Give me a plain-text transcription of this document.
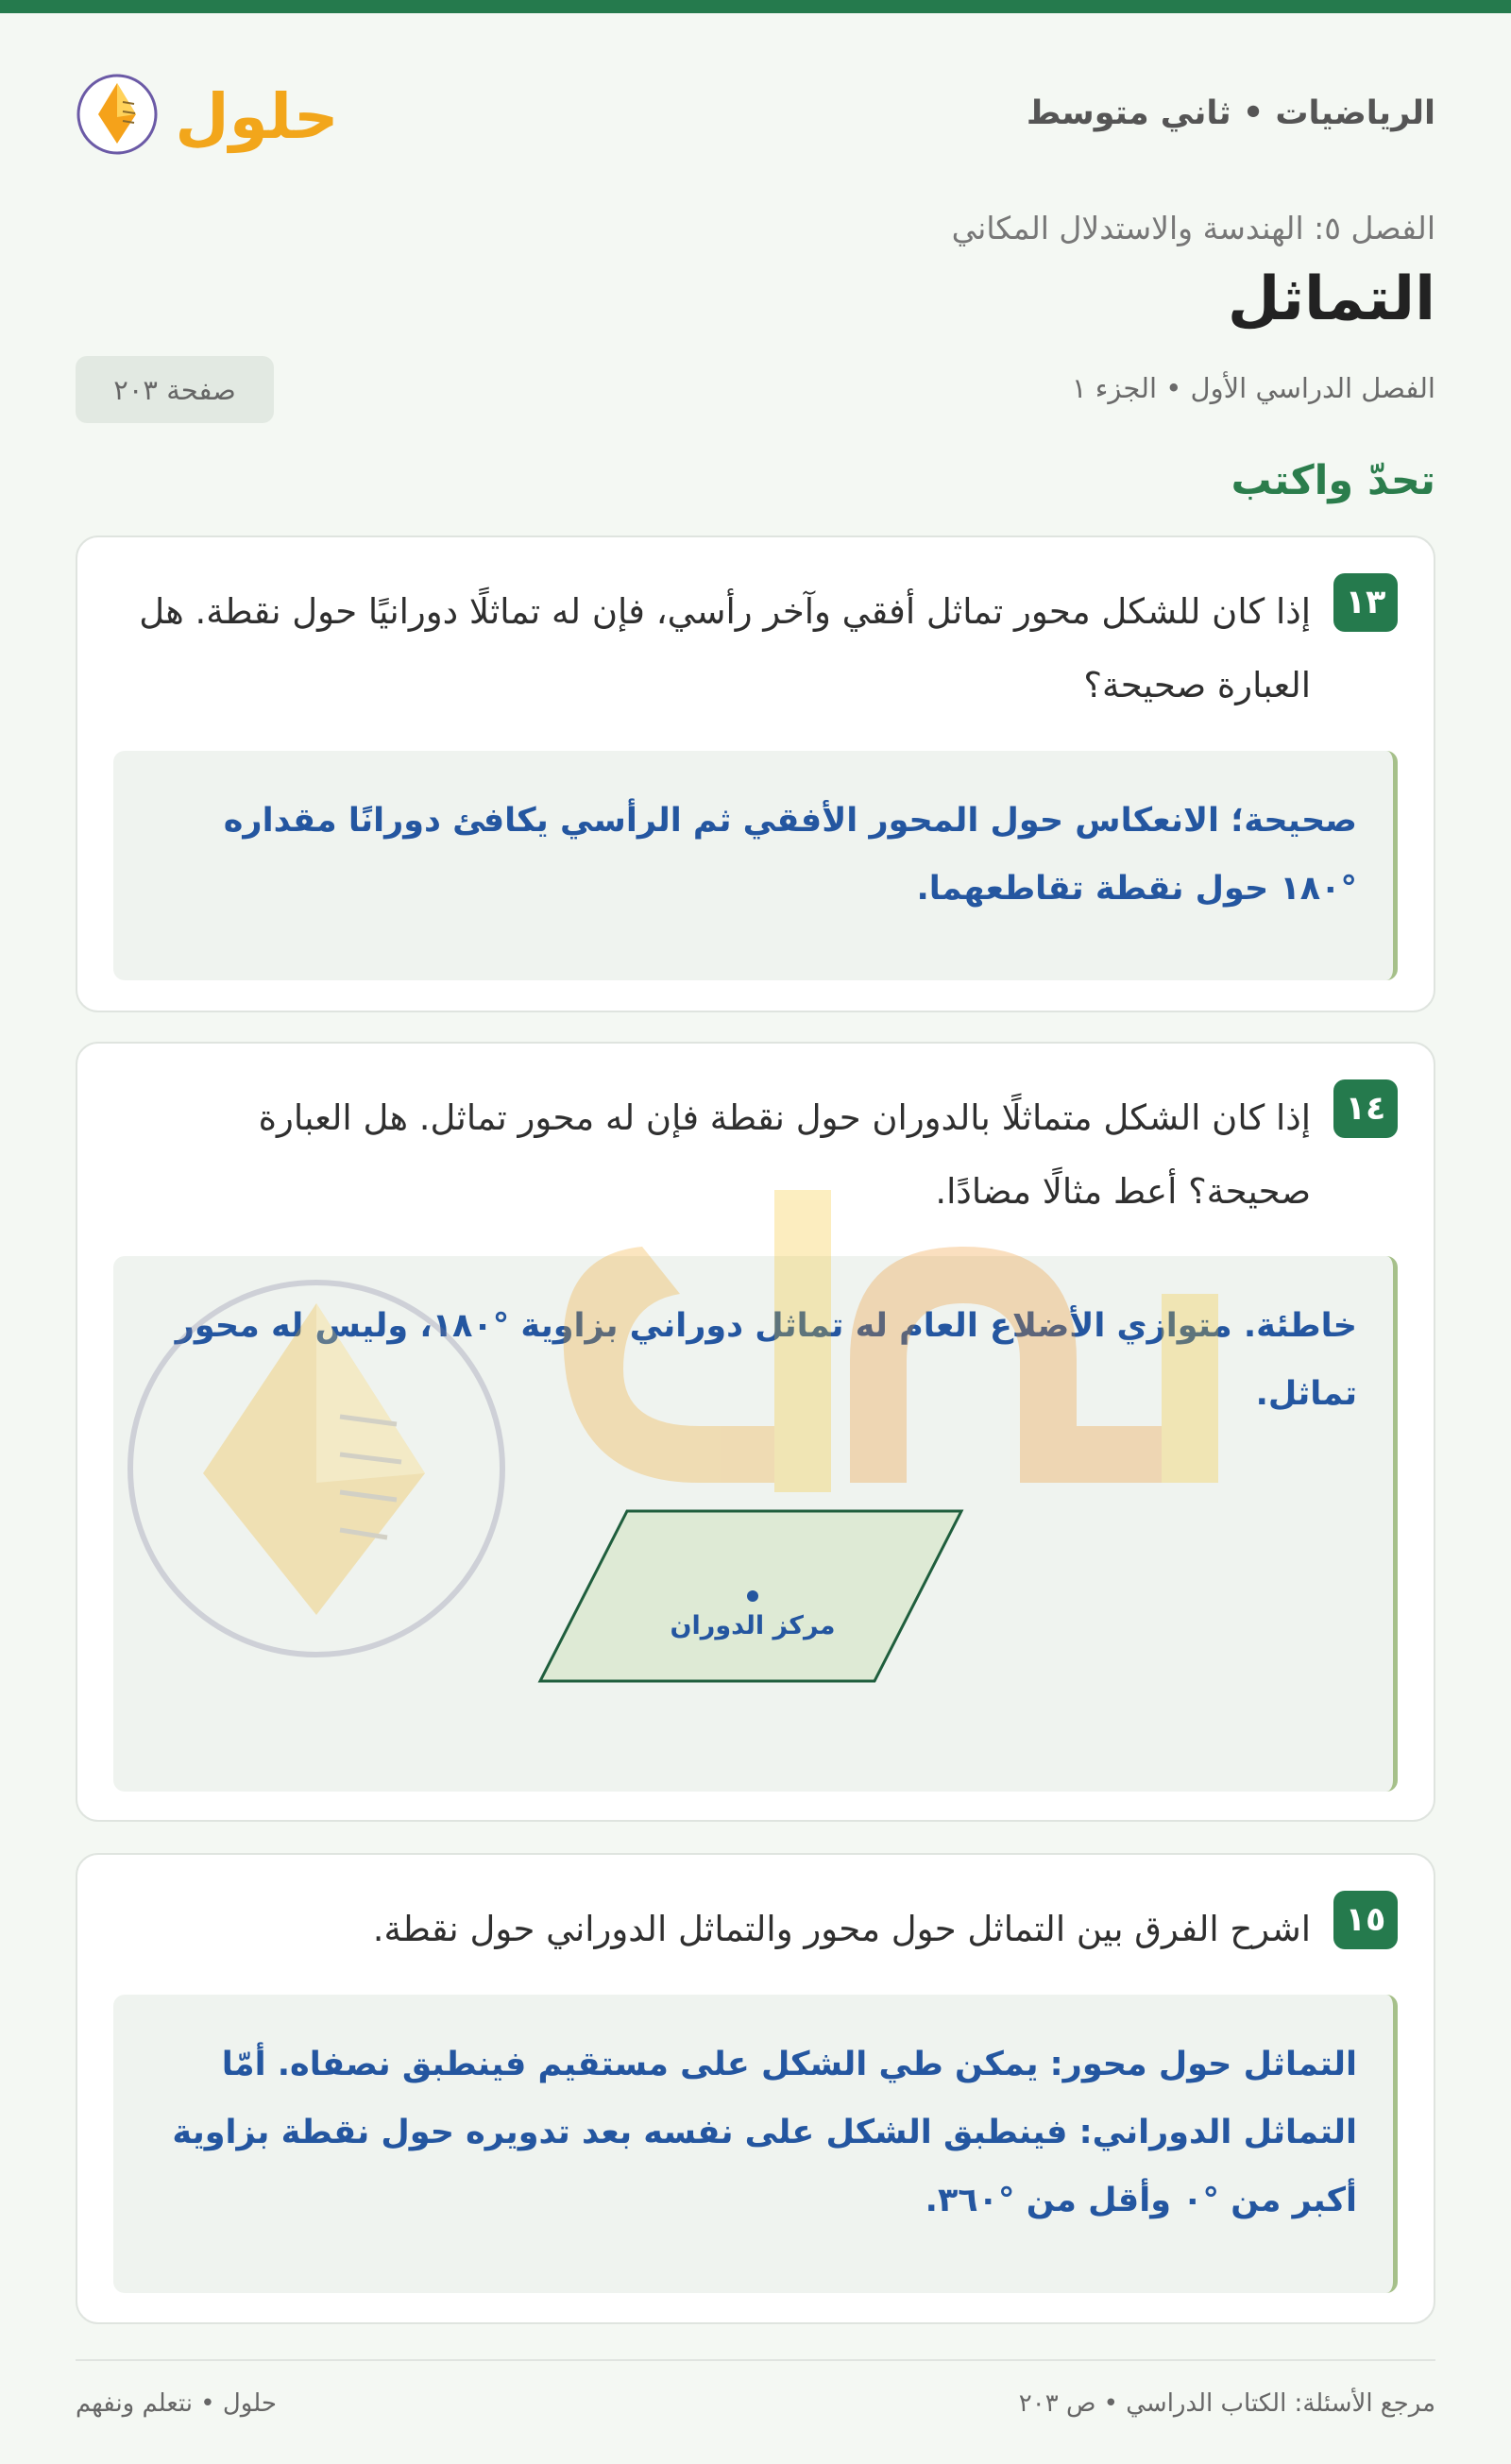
الرياضيات • ثاني متوسط
حلول
الفصل ٥: الهندسة والاستدلال المكاني
التماثل
الفصل الدراسي الأول • الجزء ١
صفحة ٢٠٣
تحدّ واكتب
١٣
إذا كان للشكل محور تماثل أفقي وآخر رأسي، فإن له تماثلًا دورانيًا حول نقطة. هل العبارة صحيحة؟
صحيحة؛ الانعكاس حول المحور الأفقي ثم الرأسي يكافئ دورانًا مقداره °١٨٠ حول نقطة تقاطعهما.
١٤
إذا كان الشكل متماثلًا بالدوران حول نقطة فإن له محور تماثل. هل العبارة صحيحة؟ أعط مثالًا مضادًا.
خاطئة. متوازي الأضلاع العام له تماثل دوراني بزاوية °١٨٠، وليس له محور تماثل.
مركز الدوران
١٥
اشرح الفرق بين التماثل حول محور والتماثل الدوراني حول نقطة.
التماثل حول محور: يمكن طي الشكل على مستقيم فينطبق نصفاه. أمّا التماثل الدوراني: فينطبق الشكل على نفسه بعد تدويره حول نقطة بزاوية أكبر من °٠ وأقل من °٣٦٠.
مرجع الأسئلة: الكتاب الدراسي • ص ٢٠٣
حلول • نتعلم ونفهم
